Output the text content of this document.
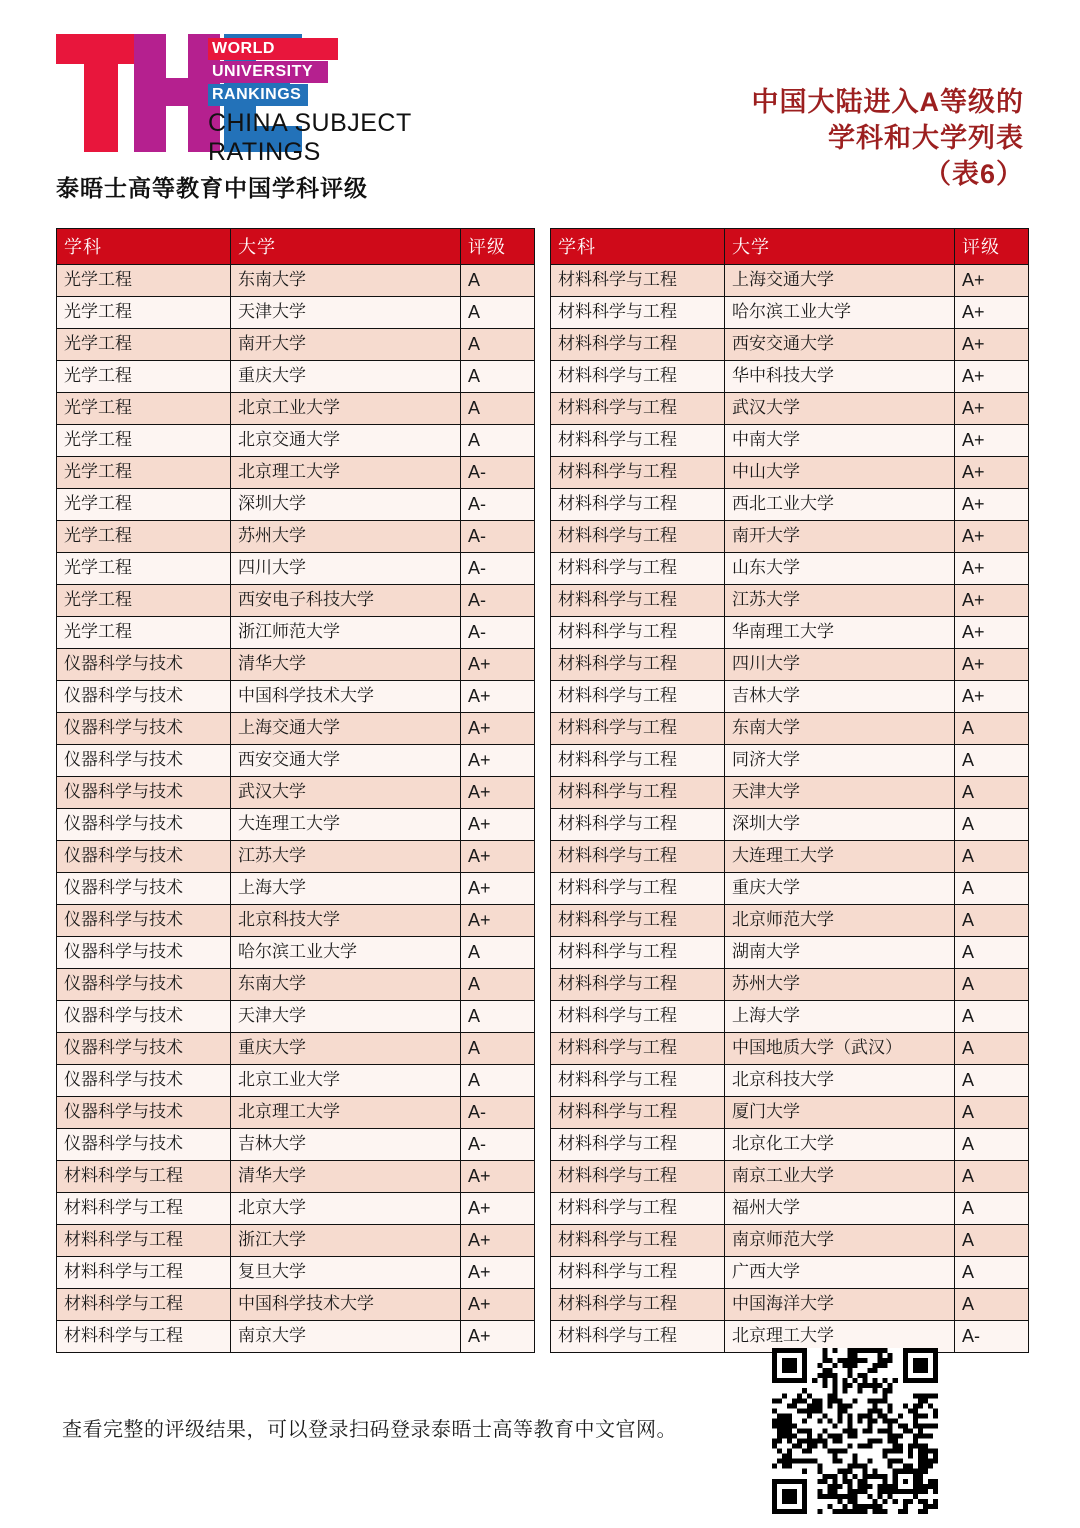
WORLD
UNIVERSITY
RANKINGS
CHINA SUBJECT
RATINGS
泰晤士高等教育中国学科评级
中国大陆进入A等级的
学科和大学列表
（表6）
学科	大学	评级
光学工程	东南大学	A
光学工程	天津大学	A
光学工程	南开大学	A
光学工程	重庆大学	A
光学工程	北京工业大学	A
光学工程	北京交通大学	A
光学工程	北京理工大学	A-
光学工程	深圳大学	A-
光学工程	苏州大学	A-
光学工程	四川大学	A-
光学工程	西安电子科技大学	A-
光学工程	浙江师范大学	A-
仪器科学与技术	清华大学	A+
仪器科学与技术	中国科学技术大学	A+
仪器科学与技术	上海交通大学	A+
仪器科学与技术	西安交通大学	A+
仪器科学与技术	武汉大学	A+
仪器科学与技术	大连理工大学	A+
仪器科学与技术	江苏大学	A+
仪器科学与技术	上海大学	A+
仪器科学与技术	北京科技大学	A+
仪器科学与技术	哈尔滨工业大学	A
仪器科学与技术	东南大学	A
仪器科学与技术	天津大学	A
仪器科学与技术	重庆大学	A
仪器科学与技术	北京工业大学	A
仪器科学与技术	北京理工大学	A-
仪器科学与技术	吉林大学	A-
材料科学与工程	清华大学	A+
材料科学与工程	北京大学	A+
材料科学与工程	浙江大学	A+
材料科学与工程	复旦大学	A+
材料科学与工程	中国科学技术大学	A+
材料科学与工程	南京大学	A+
学科	大学	评级
材料科学与工程	上海交通大学	A+
材料科学与工程	哈尔滨工业大学	A+
材料科学与工程	西安交通大学	A+
材料科学与工程	华中科技大学	A+
材料科学与工程	武汉大学	A+
材料科学与工程	中南大学	A+
材料科学与工程	中山大学	A+
材料科学与工程	西北工业大学	A+
材料科学与工程	南开大学	A+
材料科学与工程	山东大学	A+
材料科学与工程	江苏大学	A+
材料科学与工程	华南理工大学	A+
材料科学与工程	四川大学	A+
材料科学与工程	吉林大学	A+
材料科学与工程	东南大学	A
材料科学与工程	同济大学	A
材料科学与工程	天津大学	A
材料科学与工程	深圳大学	A
材料科学与工程	大连理工大学	A
材料科学与工程	重庆大学	A
材料科学与工程	北京师范大学	A
材料科学与工程	湖南大学	A
材料科学与工程	苏州大学	A
材料科学与工程	上海大学	A
材料科学与工程	中国地质大学（武汉）	A
材料科学与工程	北京科技大学	A
材料科学与工程	厦门大学	A
材料科学与工程	北京化工大学	A
材料科学与工程	南京工业大学	A
材料科学与工程	福州大学	A
材料科学与工程	南京师范大学	A
材料科学与工程	广西大学	A
材料科学与工程	中国海洋大学	A
材料科学与工程	北京理工大学	A-
查看完整的评级结果，可以登录扫码登录泰晤士高等教育中文官网。
